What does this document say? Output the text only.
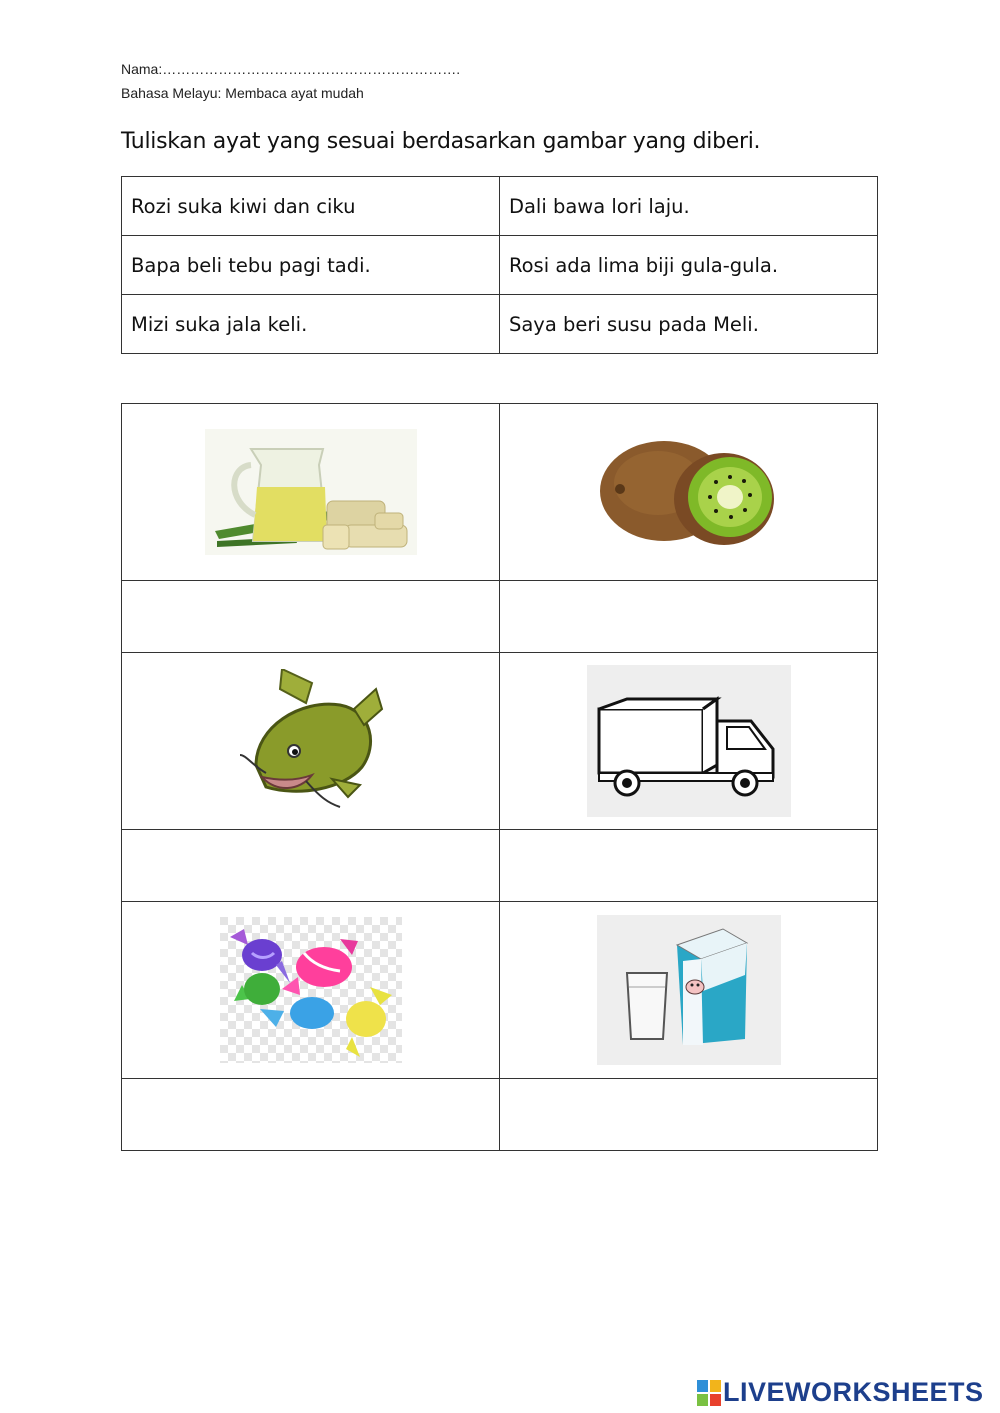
Nama:……………………………………………………….
Bahasa Melayu: Membaca ayat mudah
Tuliskan ayat yang sesuai berdasarkan gambar yang diberi.
Rozi suka kiwi dan ciku	Dali bawa lori laju.
Bapa beli tebu pagi tadi.	Rosi ada lima biji gula-gula.
Mizi suka jala keli.	Saya beri susu pada Meli.

LIVEWORKSHEETS
